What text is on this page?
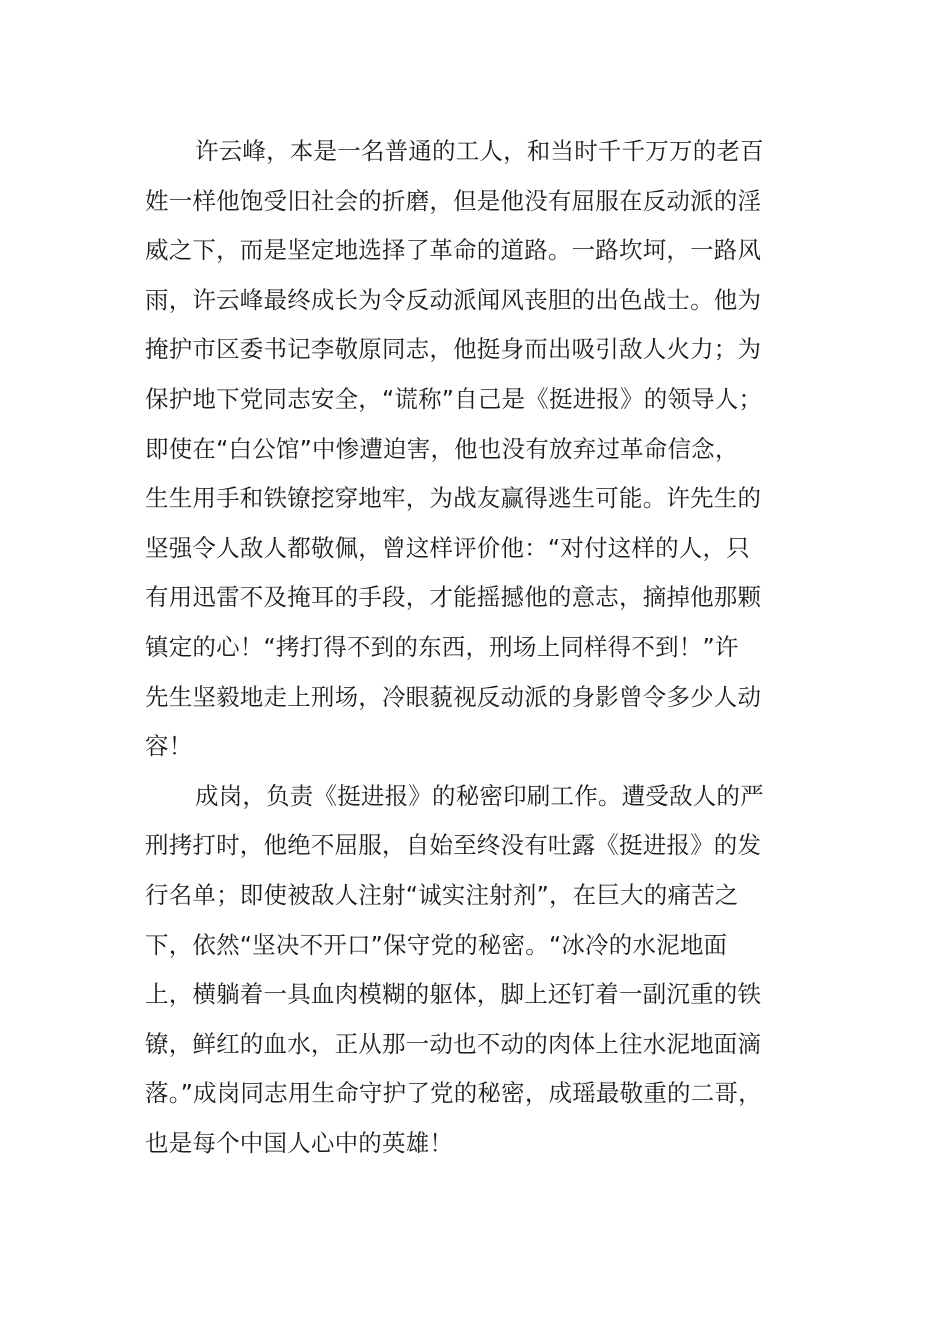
许云峰，本是一名普通的工人，和当时千千万万的老百
姓一样他饱受旧社会的折磨，但是他没有屈服在反动派的淫
威之下，而是坚定地选择了革命的道路。一路坎坷，一路风
雨，许云峰最终成长为令反动派闻风丧胆的出色战士。他为
掩护市区委书记李敬原同志，他挺身而出吸引敌人火力；为
保护地下党同志安全，“谎称”自己是《挺进报》的领导人；
即使在“白公馆”中惨遭迫害，他也没有放弃过革命信念，
生生用手和铁镣挖穿地牢，为战友赢得逃生可能。许先生的
坚强令人敌人都敬佩，曾这样评价他：“对付这样的人，只
有用迅雷不及掩耳的手段，才能摇撼他的意志，摘掉他那颗
镇定的心！“拷打得不到的东西，刑场上同样得不到！”许
先生坚毅地走上刑场，冷眼藐视反动派的身影曾令多少人动
容！
成岗，负责《挺进报》的秘密印刷工作。遭受敌人的严
刑拷打时，他绝不屈服，自始至终没有吐露《挺进报》的发
行名单；即使被敌人注射“诚实注射剂”，在巨大的痛苦之
下，依然“坚决不开口”保守党的秘密。“冰冷的水泥地面
上，横躺着一具血肉模糊的躯体，脚上还钉着一副沉重的铁
镣，鲜红的血水，正从那一动也不动的肉体上往水泥地面滴
落。”成岗同志用生命守护了党的秘密，成瑶最敬重的二哥，
也是每个中国人心中的英雄！
